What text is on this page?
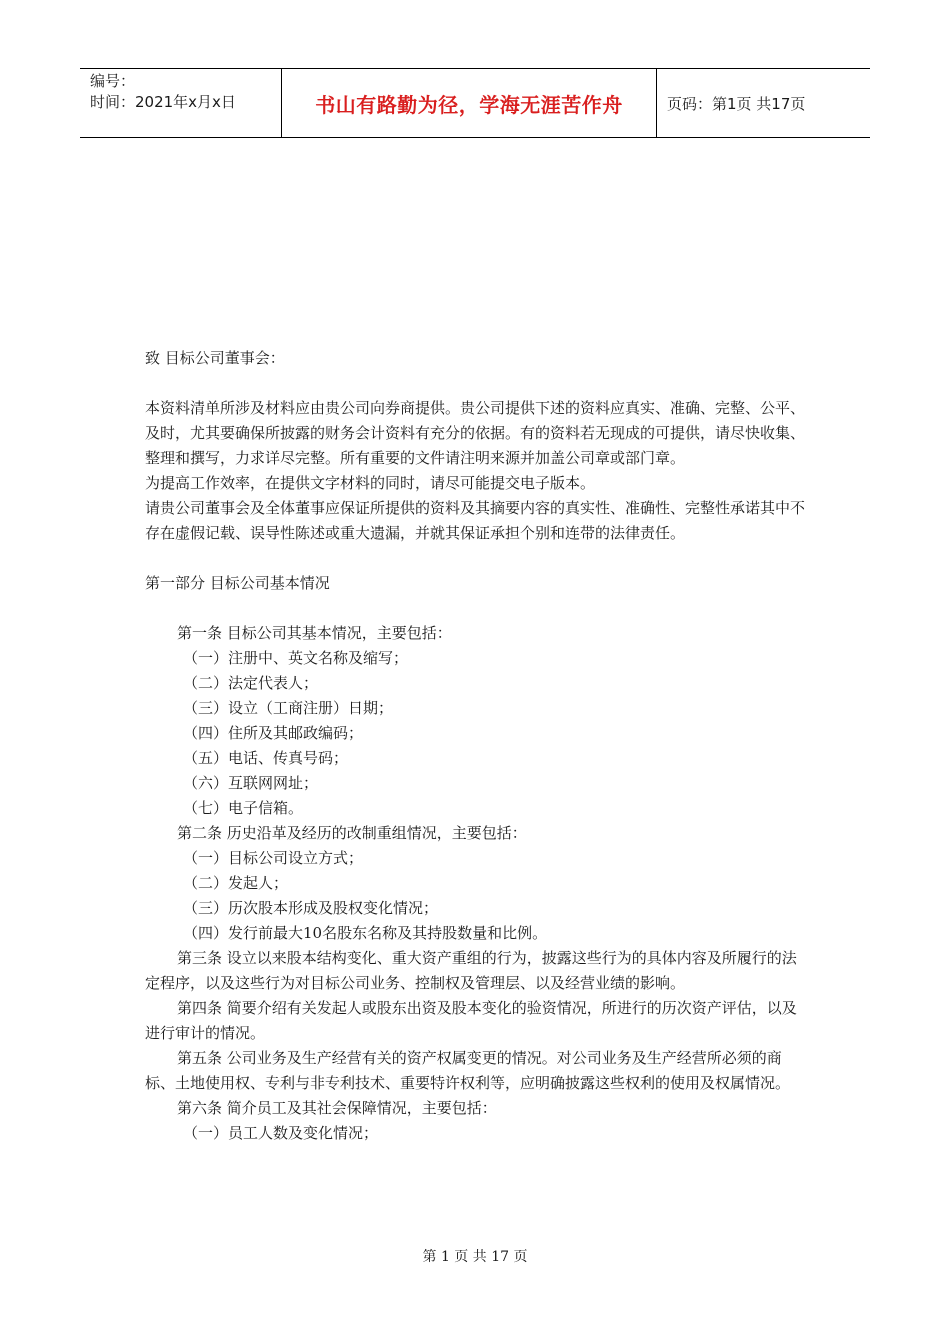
编号：
时间：2021年x月x日	书山有路勤为径，学海无涯苦作舟	页码：第1页 共17页

致 目标公司董事会：

本资料清单所涉及材料应由贵公司向券商提供。贵公司提供下述的资料应真实、准确、完整、公平、及时，尤其要确保所披露的财务会计资料有充分的依据。有的资料若无现成的可提供，请尽快收集、整理和撰写，力求详尽完整。所有重要的文件请注明来源并加盖公司章或部门章。

为提高工作效率，在提供文字材料的同时，请尽可能提交电子版本。

请贵公司董事会及全体董事应保证所提供的资料及其摘要内容的真实性、准确性、完整性承诺其中不存在虚假记载、误导性陈述或重大遗漏，并就其保证承担个别和连带的法律责任。

第一部分 目标公司基本情况

第一条 目标公司其基本情况，主要包括：

（一）注册中、英文名称及缩写；

（二）法定代表人；

（三）设立（工商注册）日期；

（四）住所及其邮政编码；

（五）电话、传真号码；

（六）互联网网址；

（七）电子信箱。

第二条 历史沿革及经历的改制重组情况，主要包括：

（一）目标公司设立方式；

（二）发起人；

（三）历次股本形成及股权变化情况；

（四）发行前最大10名股东名称及其持股数量和比例。

第三条 设立以来股本结构变化、重大资产重组的行为，披露这些行为的具体内容及所履行的法定程序，以及这些行为对目标公司业务、控制权及管理层、以及经营业绩的影响。

第四条 简要介绍有关发起人或股东出资及股本变化的验资情况，所进行的历次资产评估，以及进行审计的情况。

第五条 公司业务及生产经营有关的资产权属变更的情况。对公司业务及生产经营所必须的商标、土地使用权、专利与非专利技术、重要特许权利等，应明确披露这些权利的使用及权属情况。

第六条 简介员工及其社会保障情况，主要包括：

（一）员工人数及变化情况；

第 1 页 共 17 页
